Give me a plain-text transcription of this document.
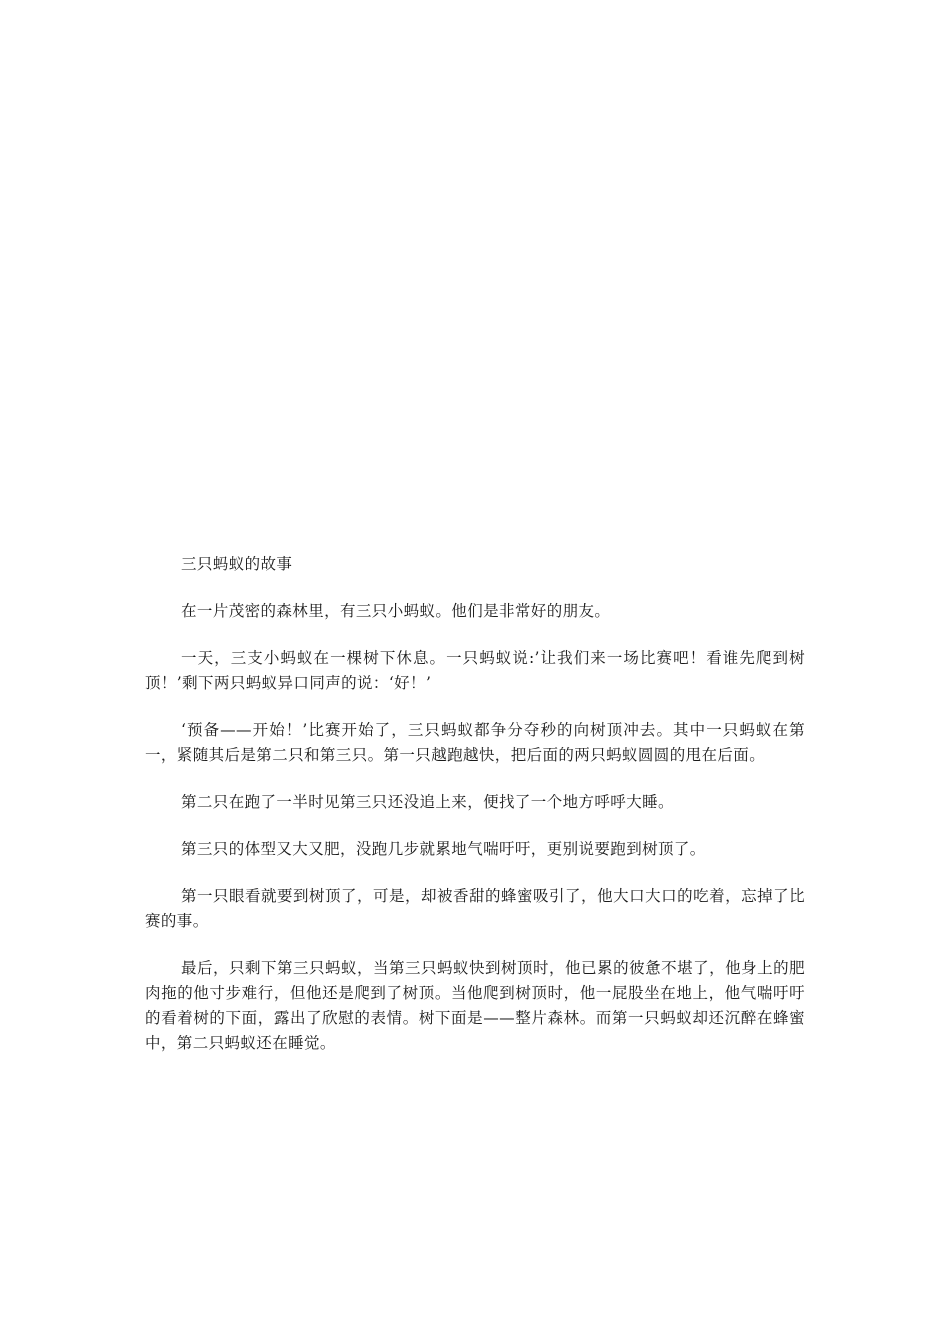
三只蚂蚁的故事

在一片茂密的森林里，有三只小蚂蚁。他们是非常好的朋友。

一天，三支小蚂蚁在一棵树下休息。一只蚂蚁说:’让我们来一场比赛吧！看谁先爬到树顶！’剩下两只蚂蚁异口同声的说：‘好！’

‘预备——开始！’比赛开始了，三只蚂蚁都争分夺秒的向树顶冲去。其中一只蚂蚁在第一，紧随其后是第二只和第三只。第一只越跑越快，把后面的两只蚂蚁圆圆的甩在后面。

第二只在跑了一半时见第三只还没追上来，便找了一个地方呼呼大睡。

第三只的体型又大又肥，没跑几步就累地气喘吁吁，更别说要跑到树顶了。

第一只眼看就要到树顶了，可是，却被香甜的蜂蜜吸引了，他大口大口的吃着，忘掉了比赛的事。

最后，只剩下第三只蚂蚁，当第三只蚂蚁快到树顶时，他已累的彼惫不堪了，他身上的肥肉拖的他寸步难行，但他还是爬到了树顶。当他爬到树顶时，他一屁股坐在地上，他气喘吁吁的看着树的下面，露出了欣慰的表情。树下面是——整片森林。而第一只蚂蚁却还沉醉在蜂蜜中，第二只蚂蚁还在睡觉。
